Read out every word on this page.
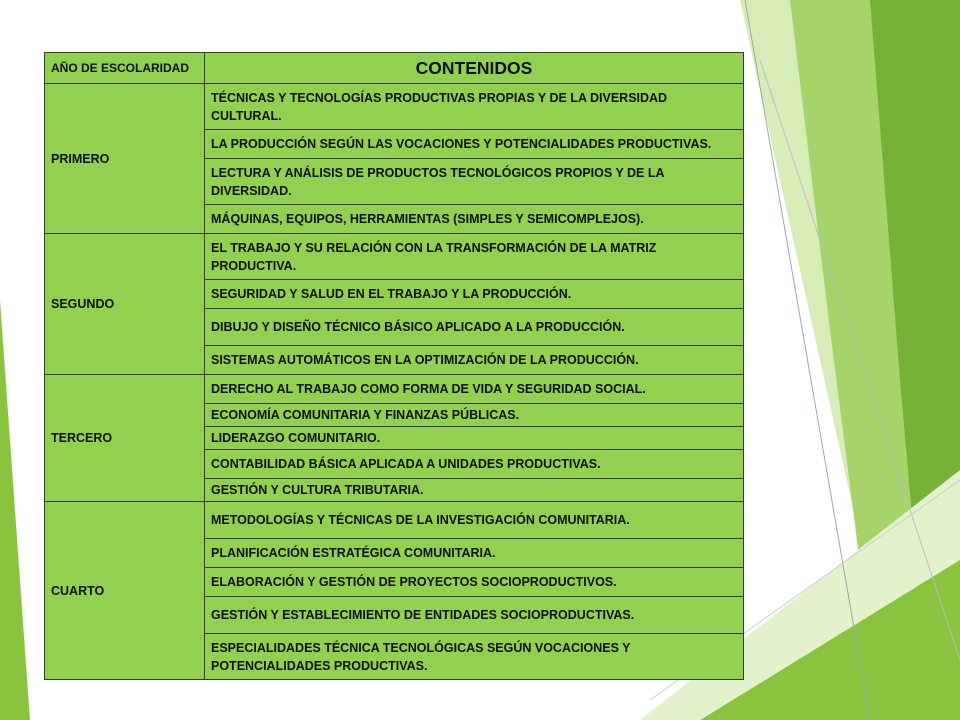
AÑO DE ESCOLARIDAD	CONTENIDOS
PRIMERO	TÉCNICAS Y TECNOLOGÍAS PRODUCTIVAS PROPIAS Y DE LA DIVERSIDAD CULTURAL.
	LA PRODUCCIÓN SEGÚN LAS VOCACIONES Y POTENCIALIDADES PRODUCTIVAS.
	LECTURA Y ANÁLISIS DE PRODUCTOS TECNOLÓGICOS PROPIOS Y DE LA DIVERSIDAD.
	MÁQUINAS, EQUIPOS, HERRAMIENTAS (SIMPLES Y SEMICOMPLEJOS).
SEGUNDO	EL TRABAJO Y SU RELACIÓN CON LA TRANSFORMACIÓN DE LA MATRIZ PRODUCTIVA.
	SEGURIDAD Y SALUD EN EL TRABAJO Y LA PRODUCCIÓN.
	DIBUJO Y DISEÑO TÉCNICO BÁSICO APLICADO A LA PRODUCCIÓN.
	SISTEMAS AUTOMÁTICOS EN LA OPTIMIZACIÓN DE LA PRODUCCIÓN.
TERCERO	DERECHO AL TRABAJO COMO FORMA DE VIDA Y SEGURIDAD SOCIAL.
	ECONOMÍA COMUNITARIA Y FINANZAS PÚBLICAS.
	LIDERAZGO COMUNITARIO.
	CONTABILIDAD BÁSICA APLICADA A UNIDADES PRODUCTIVAS.
	GESTIÓN Y CULTURA TRIBUTARIA.
CUARTO	METODOLOGÍAS Y TÉCNICAS DE LA INVESTIGACIÓN COMUNITARIA.
	PLANIFICACIÓN ESTRATÉGICA COMUNITARIA.
	ELABORACIÓN Y GESTIÓN DE PROYECTOS SOCIOPRODUCTIVOS.
	GESTIÓN Y ESTABLECIMIENTO DE ENTIDADES SOCIOPRODUCTIVAS.
	ESPECIALIDADES TÉCNICA TECNOLÓGICAS SEGÚN VOCACIONES Y POTENCIALIDADES PRODUCTIVAS.
